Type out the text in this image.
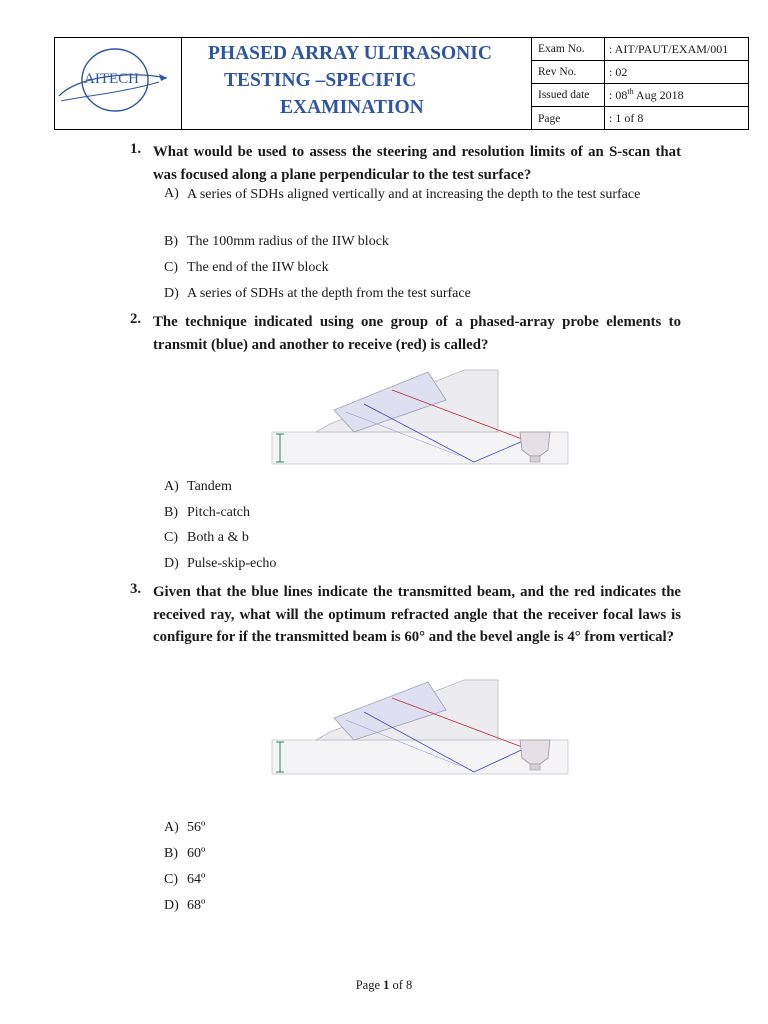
AITECH
PHASED ARRAY ULTRASONIC
TESTING –SPECIFIC
EXAMINATION
Exam No.	: AIT/PAUT/EXAM/001
Rev No.	: 02
Issued date	: 08th Aug 2018
Page	: 1 of 8
1. What would be used to assess the steering and resolution limits of an S-scan that was focused along a plane perpendicular to the test surface?
A) A series of SDHs aligned vertically and at increasing the depth to the test surface
B) The 100mm radius of the IIW block
C) The end of the IIW block
D) A series of SDHs at the depth from the test surface
2. The technique indicated using one group of a phased-array probe elements to transmit (blue) and another to receive (red) is called?
A) Tandem
B) Pitch-catch
C) Both a & b
D) Pulse-skip-echo
3. Given that the blue lines indicate the transmitted beam, and the red indicates the received ray, what will the optimum refracted angle that the receiver focal laws is configure for if the transmitted beam is 60° and the bevel angle is 4° from vertical?
A) 56º
B) 60º
C) 64º
D) 68º
Page 1 of 8
